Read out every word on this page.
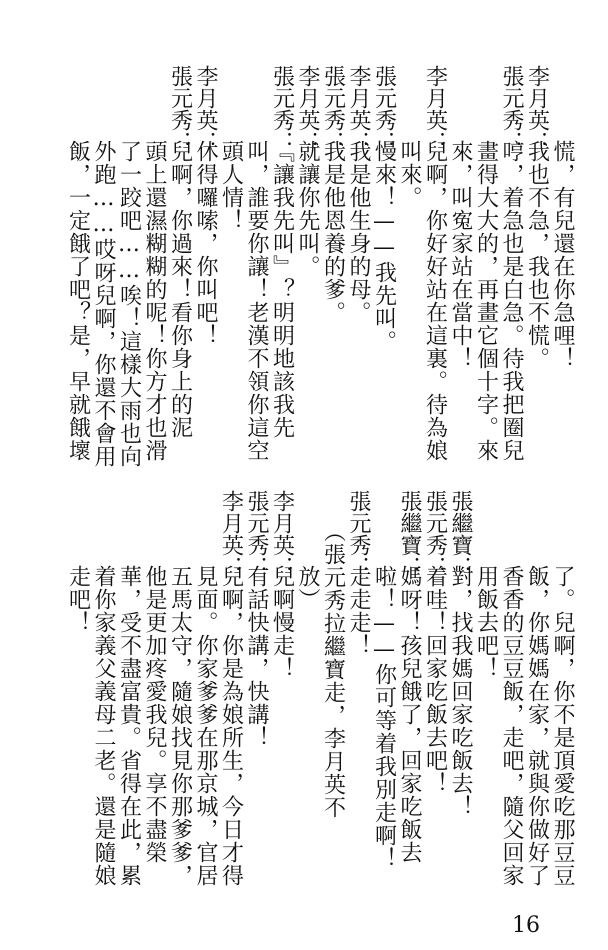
慌，有兒還在你急哩！
李月英：
我也不急，我也不慌。
張元秀：
哼，着急也是白急。待我把圈兒
畫得大大的，再畫它個十字。來
來，叫寃家站在當中！
李月英：
兒啊，你好好站在這裏。待為娘
叫來。
張元秀：
慢來！——我先叫。
李月英：
我是他生身的母。
張元秀：
我是他恩養的爹。
李月英：
就讓你先叫。
張元秀：
『讓我先叫』？明明地該我先
叫，誰要你讓！老漢不領你這空
頭人情！
李月英：
休得囉嗦，你叫吧！
張元秀：
兒啊，你過來！看你身上的泥
頭上還濕糊糊的呢！你方才也滑
了一跤吧……唉！這樣大雨也向
外跑……哎呀兒啊，你還不會用
飯，一定餓了吧？是，早就餓壞
了。兒啊，你不是頂愛吃那豆豆
飯，你媽媽在家，就與你做好了
香香的豆豆飯，走吧，隨父回家
用飯去吧！
張繼寶：
對，找我媽回家吃飯去！
張元秀：
着哇！回家吃飯去吧！
張繼寶：
媽呀！孩兒餓了，回家吃飯去
啦！——你可等着我別走啊！
張元秀：
走走走！
（張元秀拉繼寶走，李月英不
放）
李月英：
兒啊慢走！
張元秀：
有話快講，快講！
李月英：
兒啊，你是為娘所生，今日才得
見面。你家爹爹在那京城，官居
五馬太守，隨娘找見你那爹爹，
他是更加疼愛我兒。享不盡榮
華，受不盡富貴。省得在此，累
着你家義父義母二老。還是隨娘
走吧！
16
